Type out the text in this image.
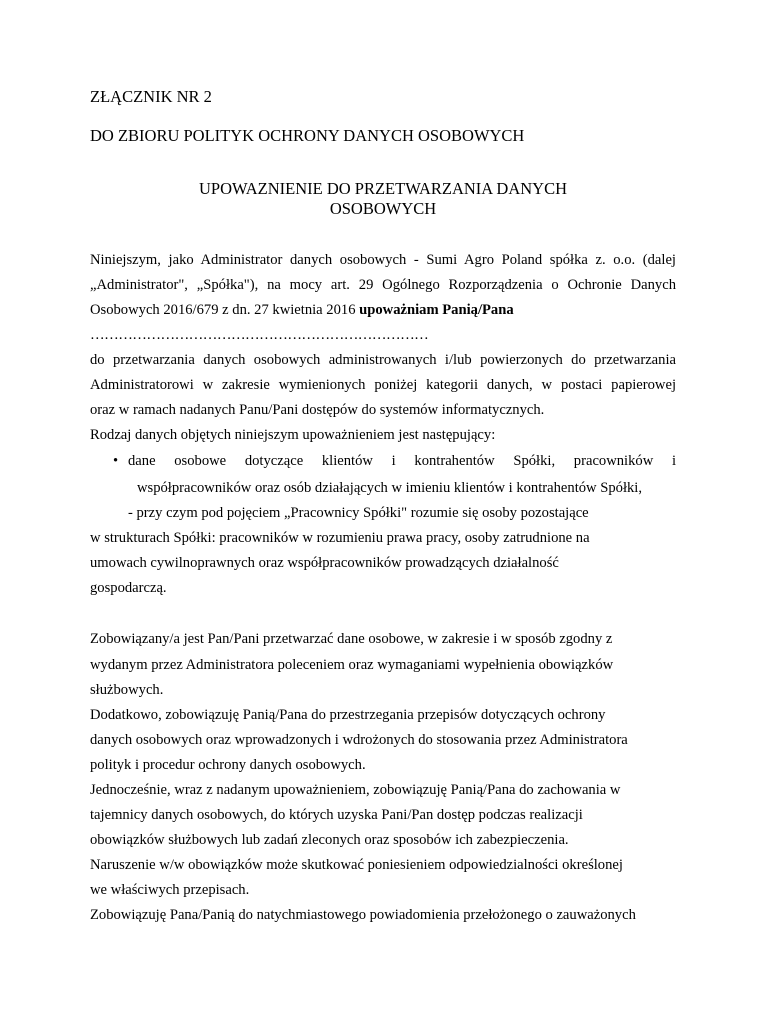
ZŁĄCZNIK NR 2
DO ZBIORU POLITYK OCHRONY DANYCH OSOBOWYCH
UPOWAZNIENIE DO PRZETWARZANIA DANYCH
OSOBOWYCH
Niniejszym, jako Administrator danych osobowych - Sumi Agro Poland spółka z. o.o. (dalej
„Administrator", „Spółka"), na mocy art. 29 Ogólnego Rozporządzenia o Ochronie Danych
Osobowych 2016/679 z dn. 27 kwietnia 2016 upoważniam Panią/Pana
………………………………………………………………
do przetwarzania danych osobowych administrowanych i/lub powierzonych do przetwarzania
Administratorowi w zakresie wymienionych poniżej kategorii danych, w postaci papierowej
oraz w ramach nadanych Panu/Pani dostępów do systemów informatycznych.
Rodzaj danych objętych niniejszym upoważnieniem jest następujący:
• dane osobowe dotyczące klientów i kontrahentów Spółki, pracowników i
współpracowników oraz osób działających w imieniu klientów i kontrahentów Spółki,
- przy czym pod pojęciem „Pracownicy Spółki" rozumie się osoby pozostające
w strukturach Spółki: pracowników w rozumieniu prawa pracy, osoby zatrudnione na
umowach cywilnoprawnych oraz współpracowników prowadzących działalność
gospodarczą.
Zobowiązany/a jest Pan/Pani przetwarzać dane osobowe, w zakresie i w sposób zgodny z
wydanym przez Administratora poleceniem oraz wymaganiami wypełnienia obowiązków
służbowych.
Dodatkowo, zobowiązuję Panią/Pana do przestrzegania przepisów dotyczących ochrony
danych osobowych oraz wprowadzonych i wdrożonych do stosowania przez Administratora
polityk i procedur ochrony danych osobowych.
Jednocześnie, wraz z nadanym upoważnieniem, zobowiązuję Panią/Pana do zachowania w
tajemnicy danych osobowych, do których uzyska Pani/Pan dostęp podczas realizacji
obowiązków służbowych lub zadań zleconych oraz sposobów ich zabezpieczenia.
Naruszenie w/w obowiązków może skutkować poniesieniem odpowiedzialności określonej
we właściwych przepisach.
Zobowiązuję Pana/Panią do natychmiastowego powiadomienia przełożonego o zauważonych
